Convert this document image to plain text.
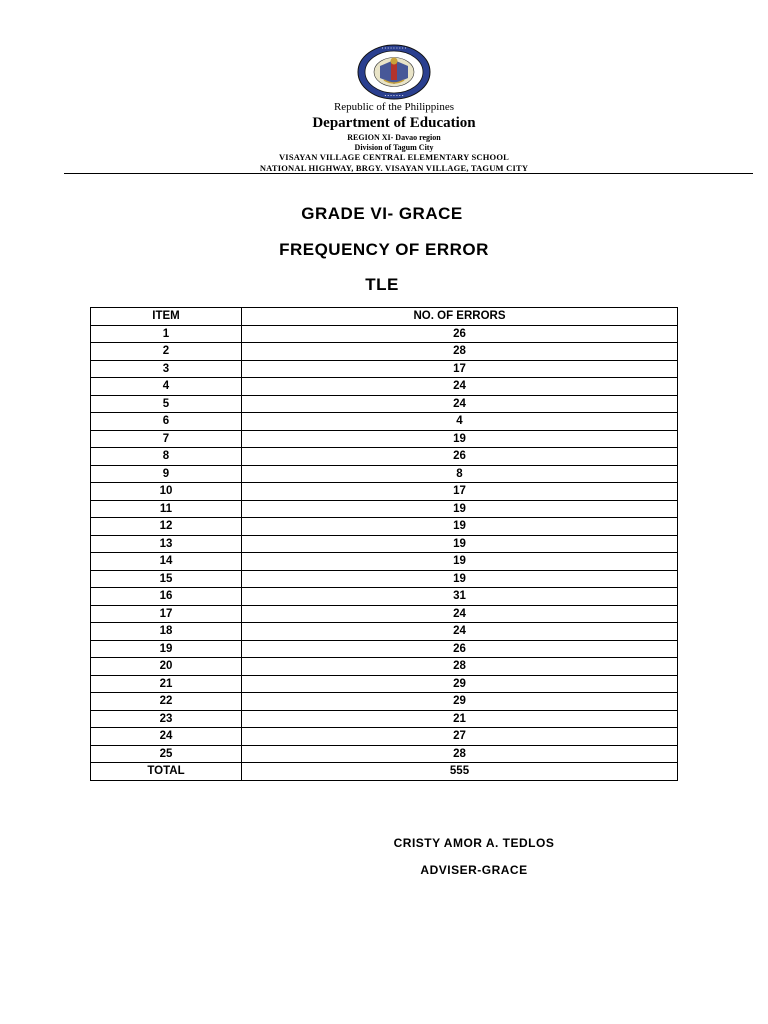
• • • • • • • • •
• • • • • • •
Republic of the Philippines
Department of Education
REGION XI- Davao region
Division of Tagum City
VISAYAN VILLAGE CENTRAL ELEMENTARY SCHOOL
NATIONAL HIGHWAY, BRGY. VISAYAN VILLAGE, TAGUM CITY
GRADE VI- GRACE
FREQUENCY OF ERROR
TLE
ITEM	NO. OF ERRORS
1	26
2	28
3	17
4	24
5	24
6	4
7	19
8	26
9	8
10	17
11	19
12	19
13	19
14	19
15	19
16	31
17	24
18	24
19	26
20	28
21	29
22	29
23	21
24	27
25	28
TOTAL	555
CRISTY AMOR A. TEDLOS
ADVISER-GRACE
